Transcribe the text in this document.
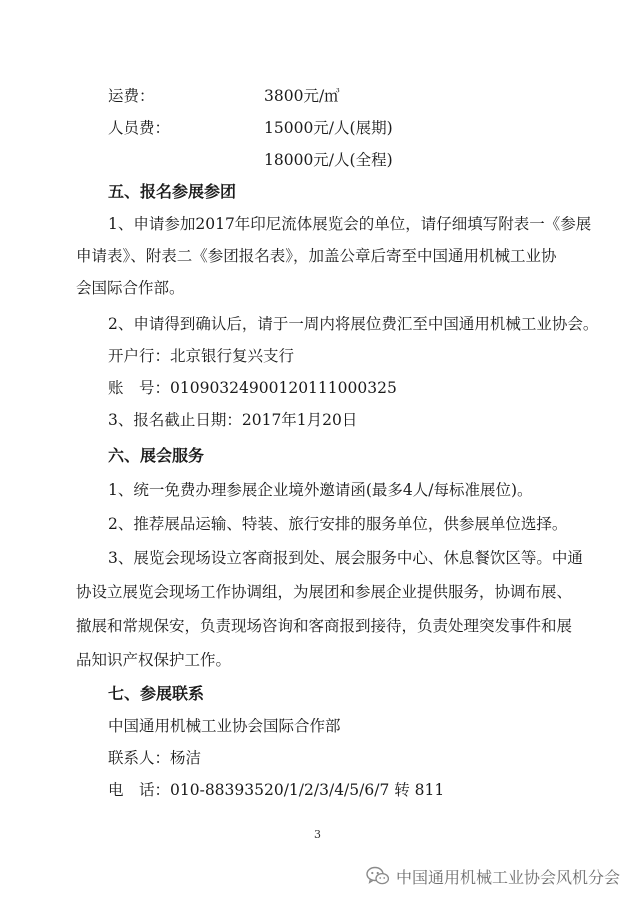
运费：	3800元/㎥
人员费：	15000元/人(展期)
18000元/人(全程)
五、报名参展参团
1、申请参加2017年印尼流体展览会的单位，请仔细填写附表一《参展
申请表》、附表二《参团报名表》，加盖公章后寄至中国通用机械工业协
会国际合作部。
2、申请得到确认后，请于一周内将展位费汇至中国通用机械工业协会。
开户行：北京银行复兴支行
账　号：01090324900120111000325
3、报名截止日期：2017年1月20日
六、展会服务
1、统一免费办理参展企业境外邀请函(最多4人/每标准展位)。
2、推荐展品运输、特装、旅行安排的服务单位，供参展单位选择。
3、展览会现场设立客商报到处、展会服务中心、休息餐饮区等。中通
协设立展览会现场工作协调组，为展团和参展企业提供服务，协调布展、
撤展和常规保安，负责现场咨询和客商报到接待，负责处理突发事件和展
品知识产权保护工作。
七、参展联系
中国通用机械工业协会国际合作部
联系人：杨洁
电　话：010-88393520/1/2/3/4/5/6/7 转 811
3
中国通用机械工业协会风机分会
